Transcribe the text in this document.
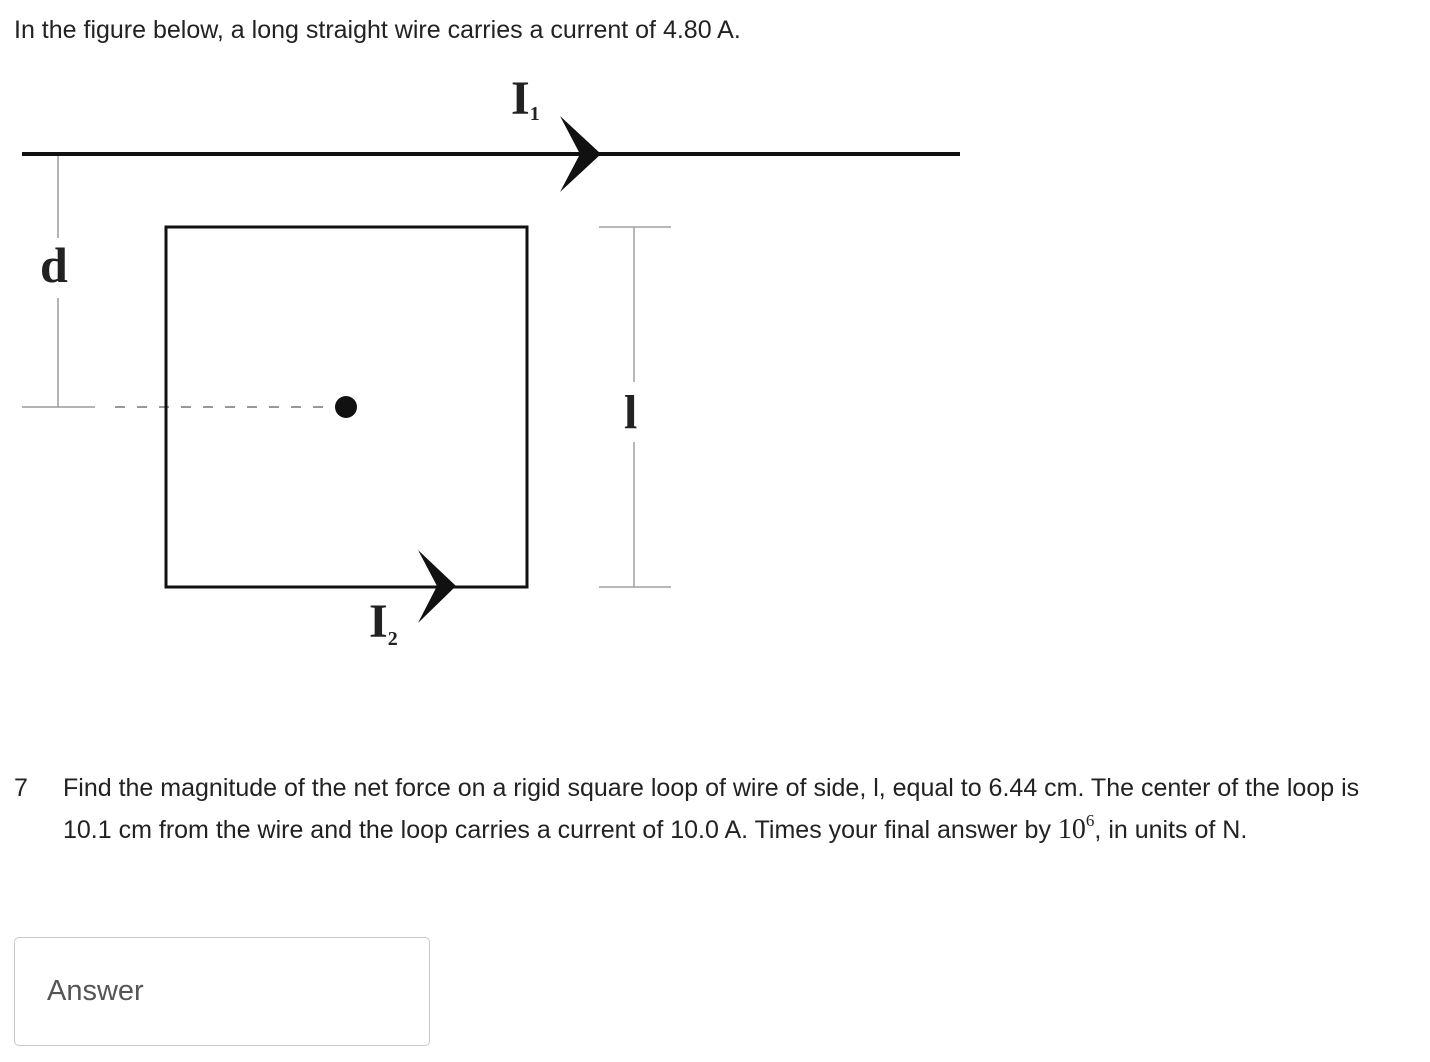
In the figure below, a long straight wire carries a current of 4.80 A.
I1
d
I2
l
7 Find the magnitude of the net force on a rigid square loop of wire of side, l, equal to 6.44 cm. The center of the loop is 10.1 cm from the wire and the loop carries a current of 10.0 A. Times your final answer by $10^6$, in units of N.
Answer
